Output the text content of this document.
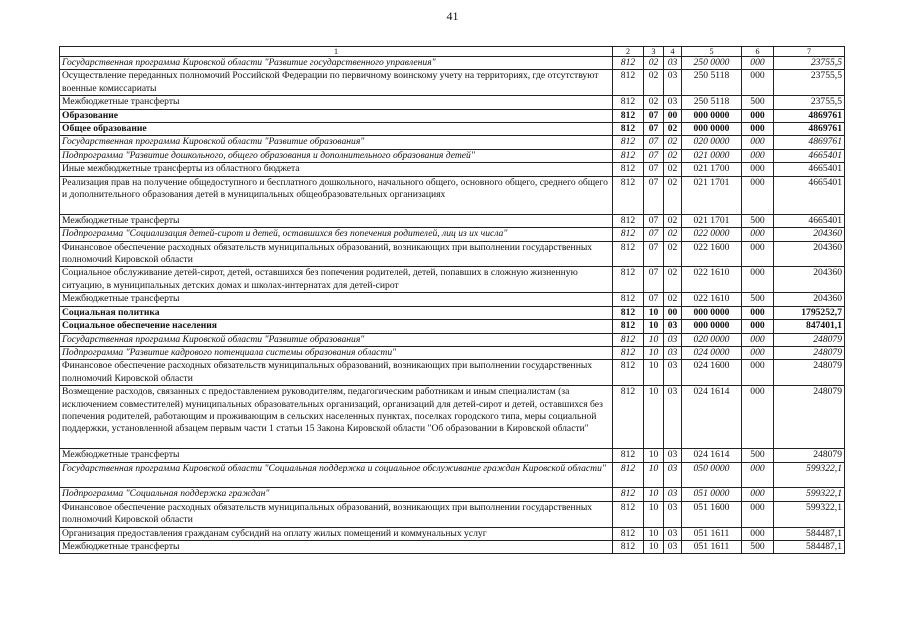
41
1	2	3	4	5	6	7
Государственная программа Кировской области "Развитие государственного управления"	812	02	03	250 0000	000	23755,5
Осуществление переданных полномочий Российской Федерации по первичному воинскому учету на территориях, где отсутствуют военные комиссариаты	812	02	03	250 5118	000	23755,5
Межбюджетные трансферты	812	02	03	250 5118	500	23755,5
Образование	812	07	00	000 0000	000	4869761
Общее образование	812	07	02	000 0000	000	4869761
Государственная программа Кировской области "Развитие образования"	812	07	02	020 0000	000	4869761
Подпрограмма "Развитие дошкольного, общего образования и дополнительного образования детей"	812	07	02	021 0000	000	4665401
Иные межбюджетные трансферты из областного бюджета	812	07	02	021 1700	000	4665401
Реализация прав на получение общедоступного и бесплатного дошкольного, начального общего, основного общего, среднего общего и дополнительного образования детей в муниципальных общеобразовательных организациях	812	07	02	021 1701	000	4665401
Межбюджетные трансферты	812	07	02	021 1701	500	4665401
Подпрограмма "Социализация детей-сирот и детей, оставшихся без попечения родителей, лиц из их числа"	812	07	02	022 0000	000	204360
Финансовое обеспечение расходных обязательств муниципальных образований, возникающих при выполнении государственных полномочий Кировской области	812	07	02	022 1600	000	204360
Социальное обслуживание детей-сирот, детей, оставшихся без попечения родителей, детей, попавших в сложную жизненную ситуацию, в муниципальных детских домах и школах-интернатах для детей-сирот	812	07	02	022 1610	000	204360
Межбюджетные трансферты	812	07	02	022 1610	500	204360
Социальная политика	812	10	00	000 0000	000	1795252,7
Социальное обеспечение населения	812	10	03	000 0000	000	847401,1
Государственная программа Кировской области "Развитие образования"	812	10	03	020 0000	000	248079
Подпрограмма "Развитие кадрового потенциала системы образования области"	812	10	03	024 0000	000	248079
Финансовое обеспечение расходных обязательств муниципальных образований, возникающих при выполнении государственных полномочий Кировской области	812	10	03	024 1600	000	248079
Возмещение расходов, связанных с предоставлением руководителям, педагогическим работникам и иным специалистам (за исключением совместителей) муниципальных образовательных организаций, организаций для детей-сирот и детей, оставшихся без попечения родителей, работающим и проживающим в сельских населенных пунктах, поселках городского типа, меры социальной поддержки, установленной абзацем первым части 1 статьи 15 Закона Кировской области "Об образовании в Кировской области"	812	10	03	024 1614	000	248079
Межбюджетные трансферты	812	10	03	024 1614	500	248079
Государственная программа Кировской области "Социальная поддержка и социальное обслуживание граждан Кировской области"	812	10	03	050 0000	000	599322,1
Подпрограмма "Социальная поддержка граждан"	812	10	03	051 0000	000	599322,1
Финансовое обеспечение расходных обязательств муниципальных образований, возникающих при выполнении государственных полномочий Кировской области	812	10	03	051 1600	000	599322,1
Организация предоставления гражданам субсидий на оплату жилых помещений и коммунальных услуг	812	10	03	051 1611	000	584487,1
Межбюджетные трансферты	812	10	03	051 1611	500	584487,1
